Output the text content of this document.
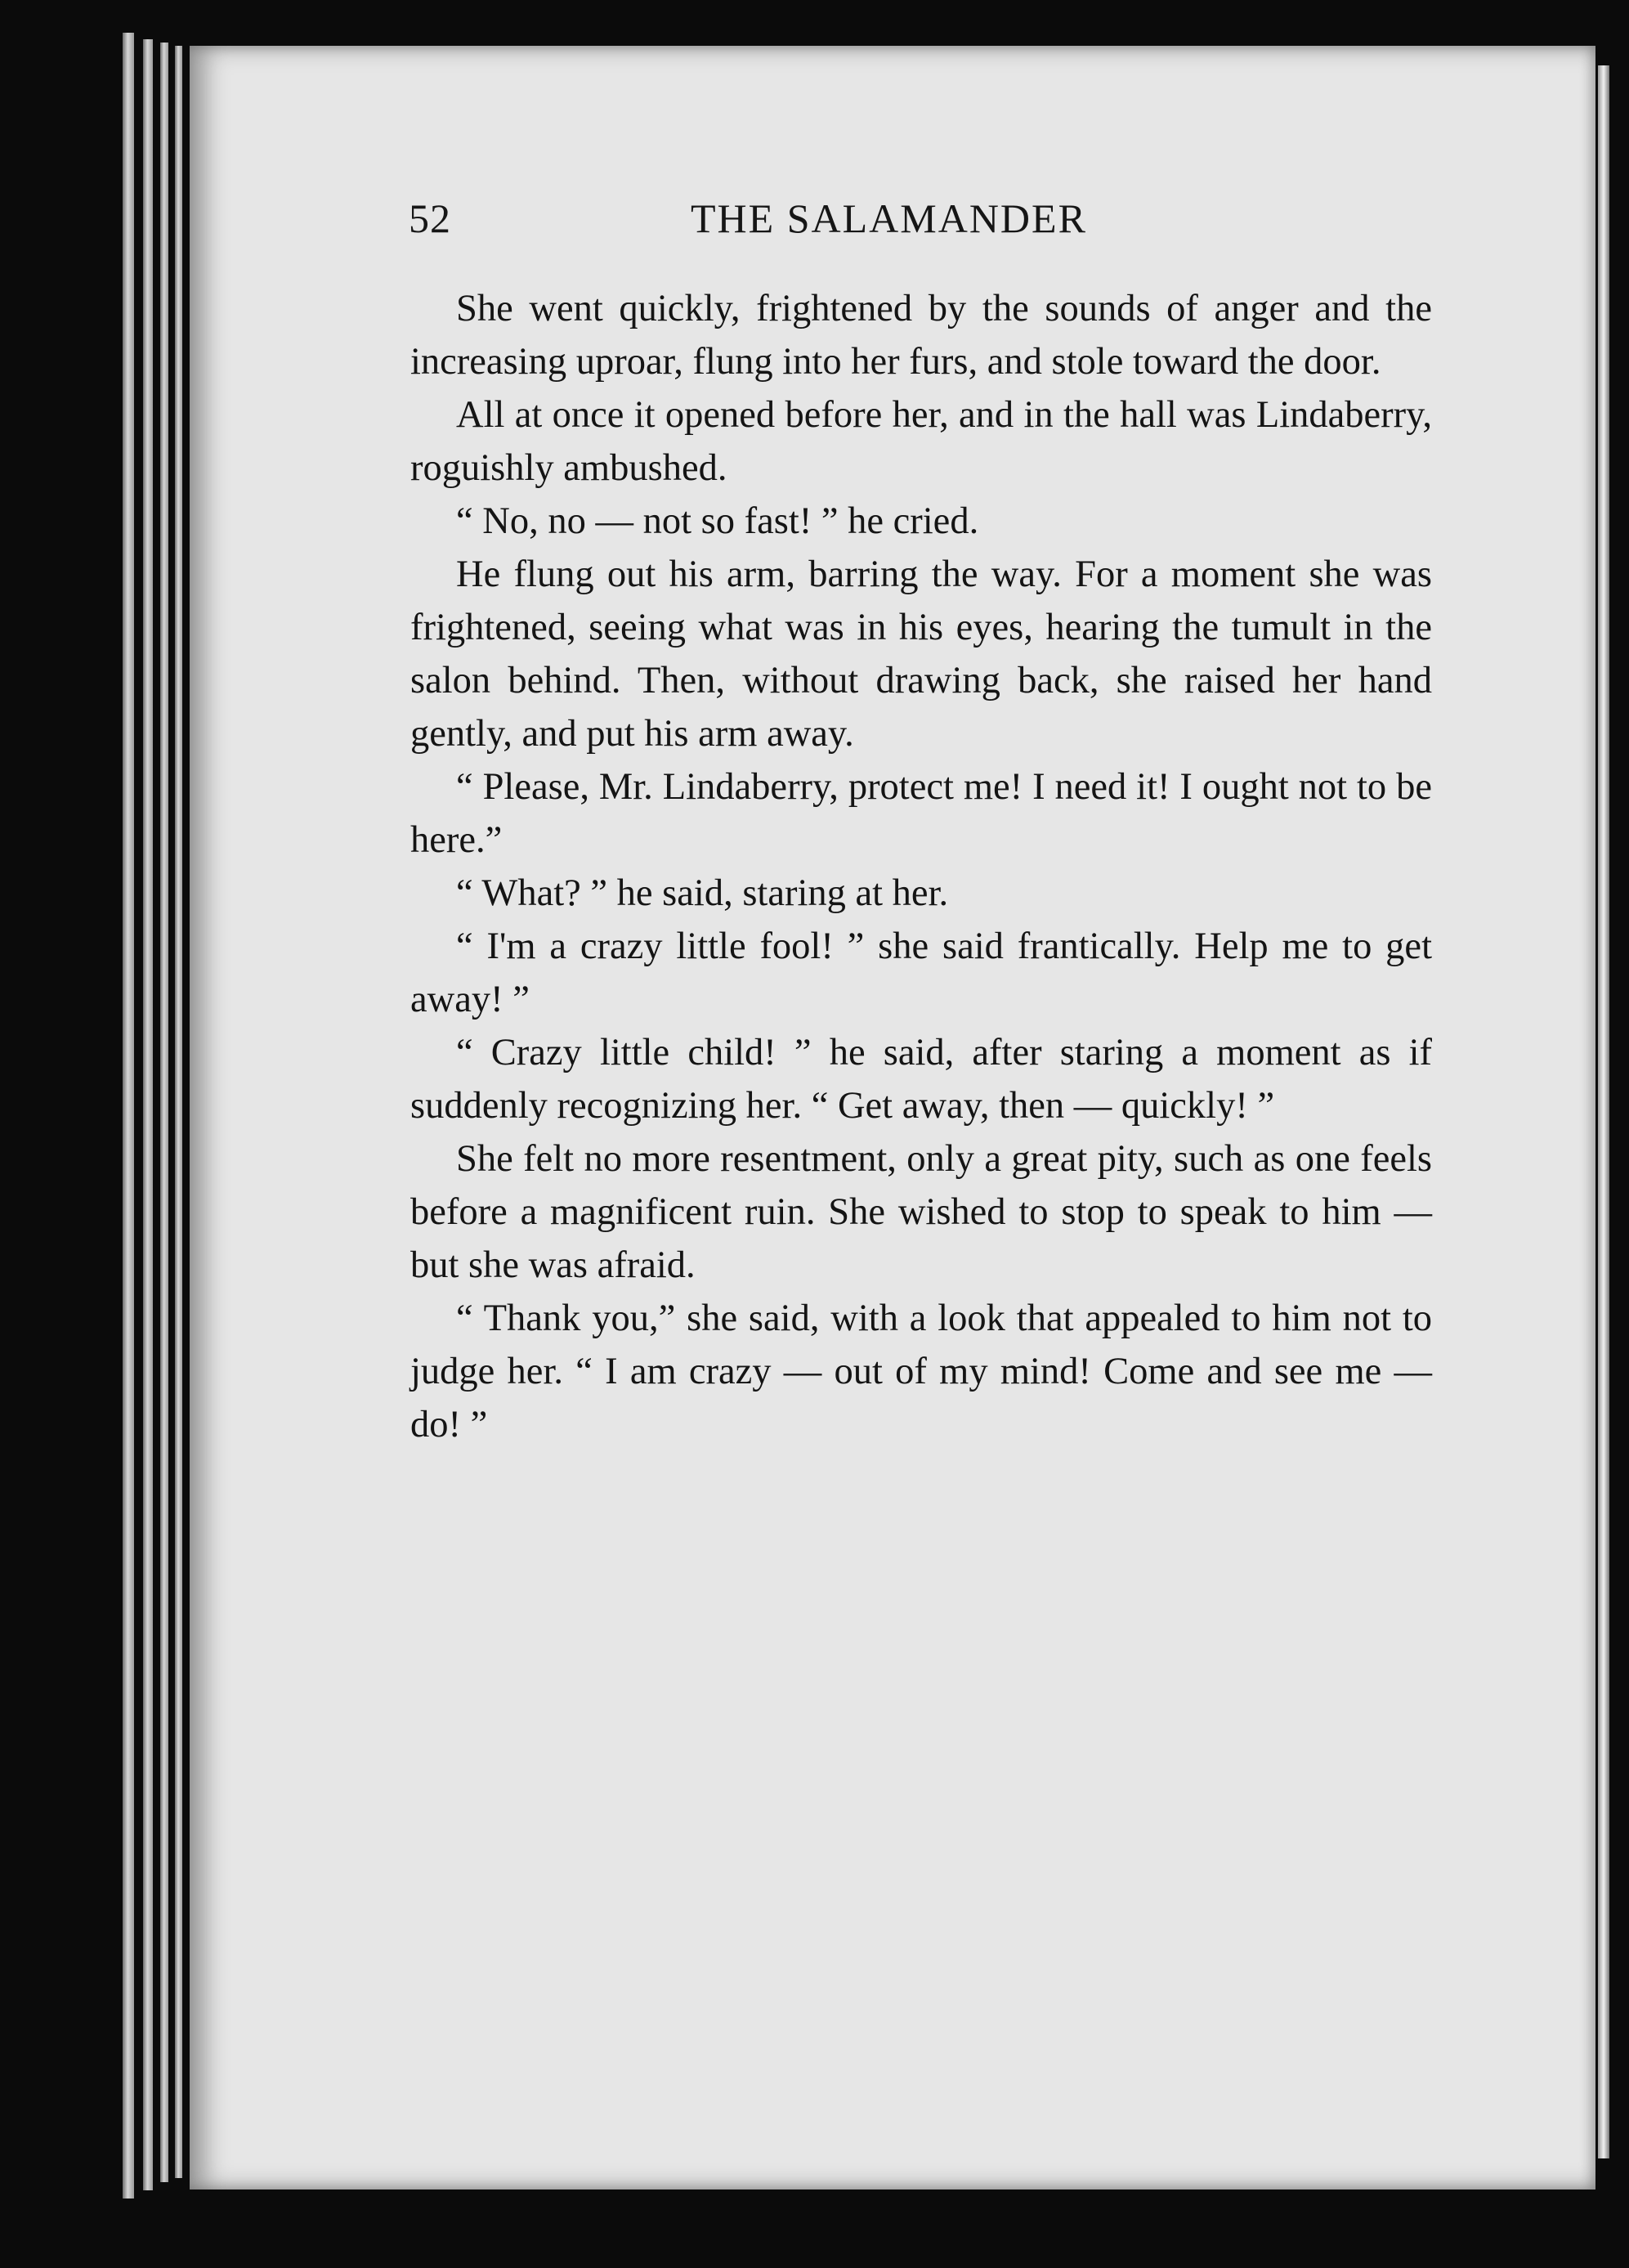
52	THE SALAMANDER

She went quickly, frightened by the sounds of anger and the increasing uproar, flung into her furs, and stole toward the door.

All at once it opened before her, and in the hall was Lindaberry, roguishly ambushed.

“ No, no — not so fast! ” he cried.

He flung out his arm, barring the way. For a moment she was frightened, seeing what was in his eyes, hearing the tumult in the salon behind. Then, without drawing back, she raised her hand gently, and put his arm away.

“ Please, Mr. Lindaberry, protect me! I need it! I ought not to be here.”

“ What? ” he said, staring at her.

“ I'm a crazy little fool! ” she said frantically. Help me to get away! ”

“ Crazy little child! ” he said, after staring a moment as if suddenly recognizing her. “ Get away, then — quickly! ”

She felt no more resentment, only a great pity, such as one feels before a magnificent ruin. She wished to stop to speak to him — but she was afraid.

“ Thank you,” she said, with a look that appealed to him not to judge her. “ I am crazy — out of my mind! Come and see me — do! ”
